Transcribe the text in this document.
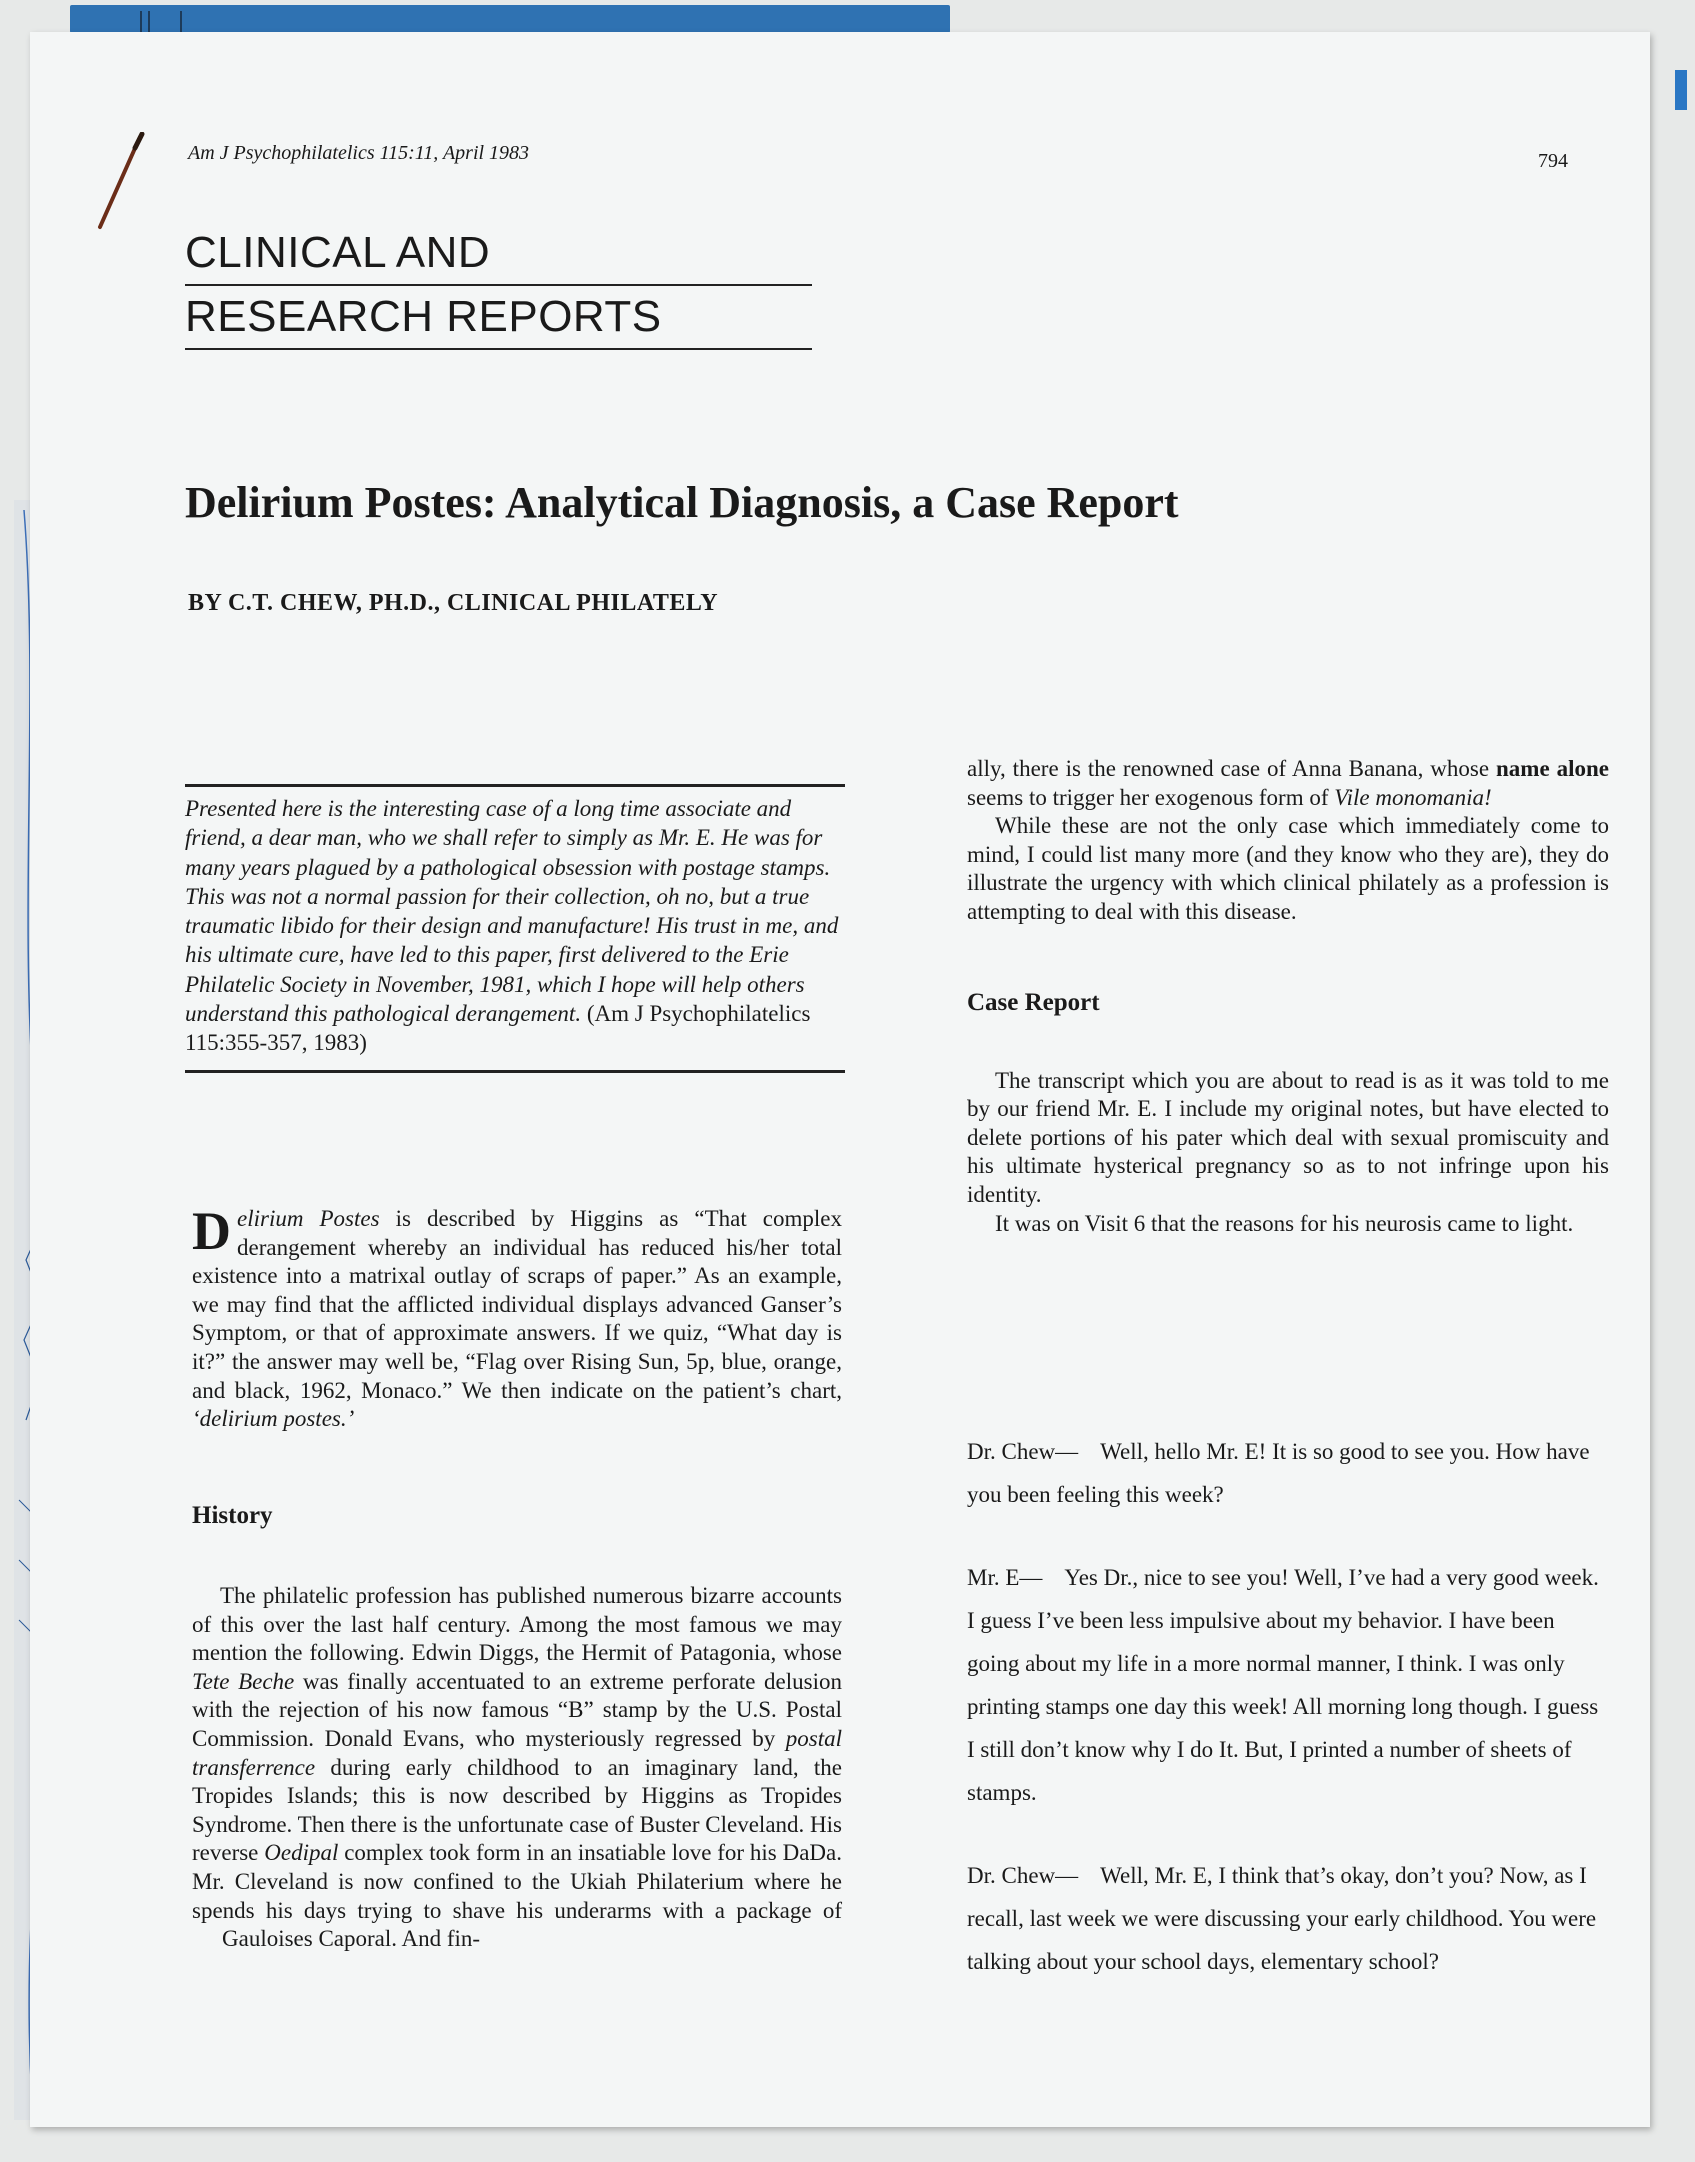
Am J Psychophilatelics 115:11, April 1983	794
CLINICAL AND
RESEARCH REPORTS
Delirium Postes: Analytical Diagnosis, a Case Report
BY C.T. CHEW, PH.D., CLINICAL PHILATELY

Presented here is the interesting case of a long time associate and friend, a dear man, who we shall refer to simply as Mr. E. He was for many years plagued by a pathological obsession with postage stamps. This was not a normal passion for their collection, oh no, but a true traumatic libido for their design and manufacture! His trust in me, and his ultimate cure, have led to this paper, first delivered to the Erie Philatelic Society in November, 1981, which I hope will help others understand this pathological derangement. (Am J Psychophilatelics 115:355-357, 1983)

Delirium Postes is described by Higgins as “That complex derangement whereby an individual has reduced his/her total existence into a matrixal outlay of scraps of paper.” As an example, we may find that the afflicted individual displays advanced Ganser’s Symptom, or that of approximate answers. If we quiz, “What day is it?” the answer may well be, “Flag over Rising Sun, 5p, blue, orange, and black, 1962, Monaco.” We then indicate on the patient’s chart, ‘delirium postes.’

History

The philatelic profession has published numerous bizarre accounts of this over the last half century. Among the most famous we may mention the following. Edwin Diggs, the Hermit of Patagonia, whose Tete Beche was finally accentuated to an extreme perforate delusion with the rejection of his now famous “B” stamp by the U.S. Postal Commission. Donald Evans, who mysteriously regressed by postal transferrence during early childhood to an imaginary land, the Tropides Islands; this is now described by Higgins as Tropides Syndrome. Then there is the unfortunate case of Buster Cleveland. His reverse Oedipal complex took form in an insatiable love for his DaDa. Mr. Cleveland is now confined to the Ukiah Philaterium where he spends his days trying to shave his underarms with a package of Gauloises Caporal. And fin-

ally, there is the renowned case of Anna Banana, whose name alone seems to trigger her exogenous form of Vile monomania!

While these are not the only case which immediately come to mind, I could list many more (and they know who they are), they do illustrate the urgency with which clinical philately as a profession is attempting to deal with this disease.

Case Report

The transcript which you are about to read is as it was told to me by our friend Mr. E. I include my original notes, but have elected to delete portions of his pater which deal with sexual promiscuity and his ultimate hysterical pregnancy so as to not infringe upon his identity.

It was on Visit 6 that the reasons for his neurosis came to light.

Dr. Chew— Well, hello Mr. E! It is so good to see you. How have you been feeling this week?

Mr. E— Yes Dr., nice to see you! Well, I’ve had a very good week. I guess I’ve been less impulsive about my behavior. I have been going about my life in a more normal manner, I think. I was only printing stamps one day this week! All morning long though. I guess I still don’t know why I do It. But, I printed a number of sheets of stamps.

Dr. Chew— Well, Mr. E, I think that’s okay, don’t you? Now, as I recall, last week we were discussing your early childhood. You were talking about your school days, elementary school?
